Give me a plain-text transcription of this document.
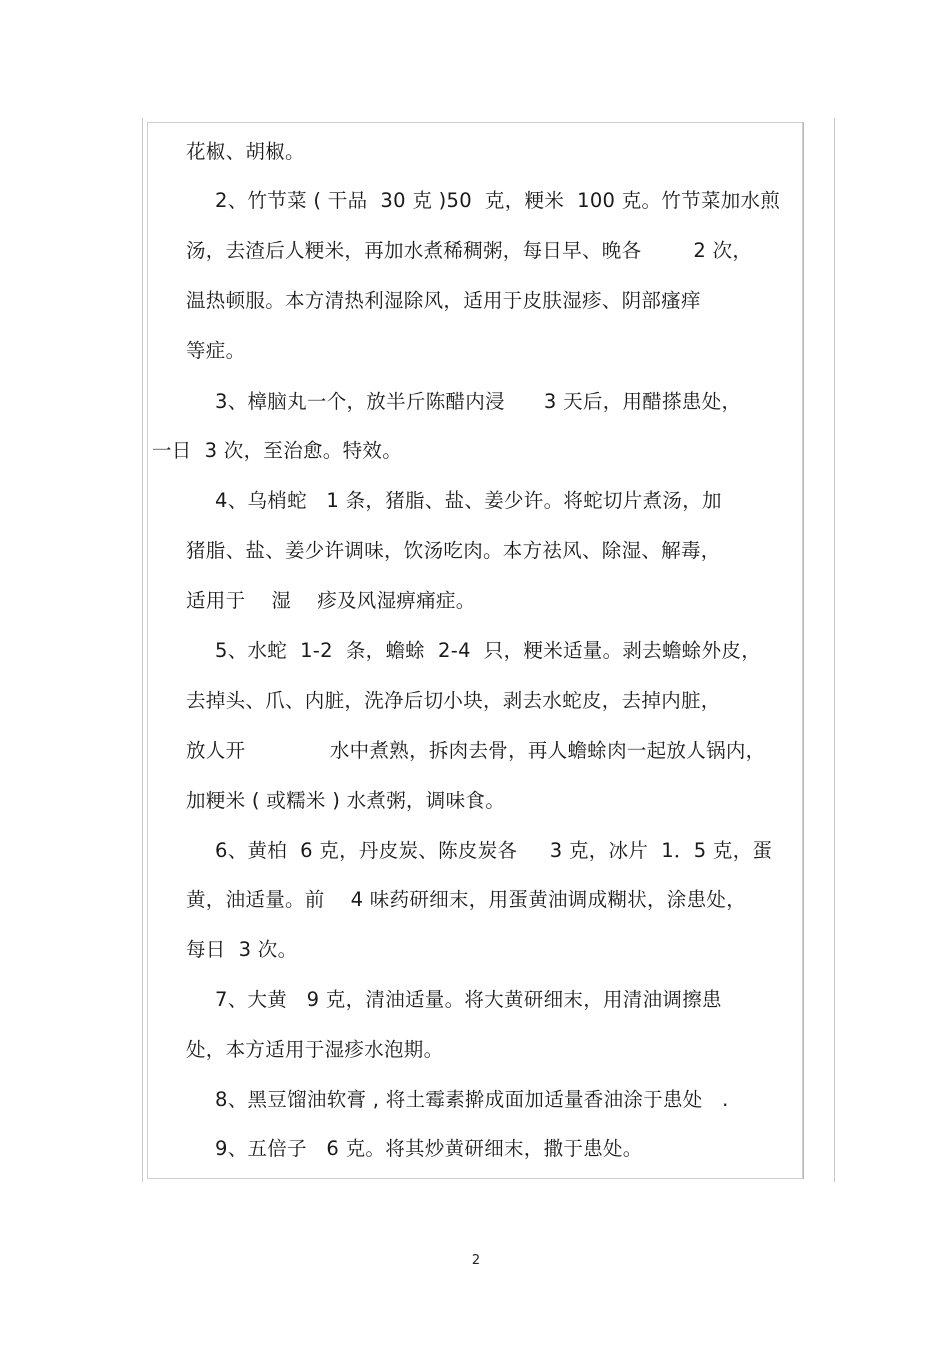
花椒、胡椒。
2、竹节菜 ( 干品  30 克 )50  克，粳米  100 克。竹节菜加水煎
汤，去渣后人粳米，再加水煮稀稠粥，每日早、晚各        2 次，
温热顿服。本方清热利湿除风，适用于皮肤湿疹、阴部瘙痒
等症。
3、樟脑丸一个，放半斤陈醋内浸      3 天后，用醋搽患处，
一日  3 次，至治愈。特效。
4、乌梢蛇   1 条，猪脂、盐、姜少许。将蛇切片煮汤，加
猪脂、盐、姜少许调味，饮汤吃肉。本方祛风、除湿、解毒，
适用于    湿    疹及风湿痹痛症。
5、水蛇  1-2  条，蟾蜍  2-4  只，粳米适量。剥去蟾蜍外皮，
去掉头、爪、内脏，洗净后切小块，剥去水蛇皮，去掉内脏，
放人开             水中煮熟，拆肉去骨，再人蟾蜍肉一起放人锅内，
加粳米 ( 或糯米 ) 水煮粥，调味食。
6、黄柏  6 克，丹皮炭、陈皮炭各     3 克，冰片  1．5 克，蛋
黄，油适量。前    4 味药研细末，用蛋黄油调成糊状，涂患处，
每日  3 次。
7、大黄   9 克，清油适量。将大黄研细末，用清油调擦患
处，本方适用于湿疹水泡期。
8、黑豆馏油软膏 , 将土霉素擀成面加适量香油涂于患处   .
9、五倍子   6 克。将其炒黄研细末，撒于患处。
2
